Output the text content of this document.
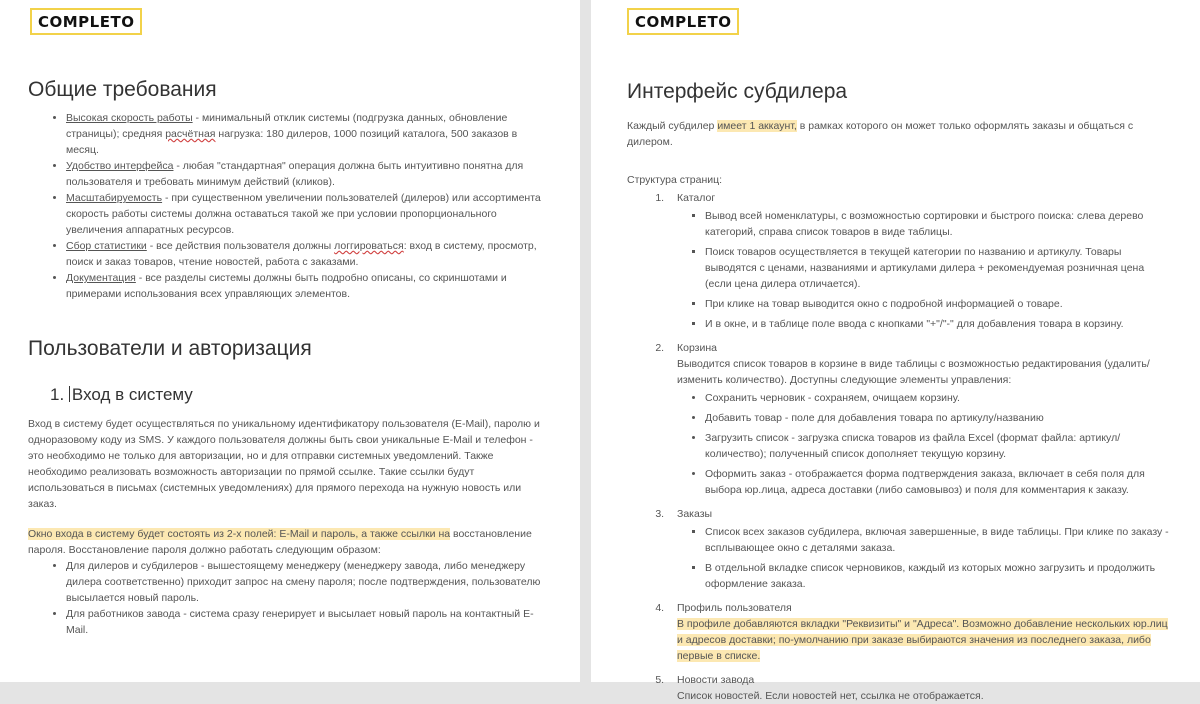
COMPLETO
Общие требования
• Высокая скорость работы - минимальный отклик системы (подгрузка данных, обновление страницы); средняя расчётная нагрузка: 180 дилеров, 1000 позиций каталога, 500 заказов в месяц.
• Удобство интерфейса - любая "стандартная" операция должна быть интуитивно понятна для пользователя и требовать минимум действий (кликов).
• Масштабируемость - при существенном увеличении пользователей (дилеров) или ассортимента скорость работы системы должна оставаться такой же при условии пропорционального увеличения аппаратных ресурсов.
• Сбор статистики - все действия пользователя должны логгироваться: вход в систему, просмотр, поиск и заказ товаров, чтение новостей, работа с заказами.
• Документация - все разделы системы должны быть подробно описаны, со скриншотами и примерами использования всех управляющих элементов.
Пользователи и авторизация
1. Вход в систему

Вход в систему будет осуществляться по уникальному идентификатору пользователя (E-Mail), паролю и одноразовому коду из SMS. У каждого пользователя должны быть свои уникальные E-Mail и телефон - это необходимо не только для авторизации, но и для отправки системных уведомлений. Также необходимо реализовать возможность авторизации по прямой ссылке. Такие ссылки будут использоваться в письмах (системных уведомлениях) для прямого перехода на нужную новость или заказ.

Окно входа в систему будет состоять из 2-х полей: E-Mail и пароль, а также ссылки на восстановление пароля. Восстановление пароля должно работать следующим образом:

• Для дилеров и субдилеров - вышестоящему менеджеру (менеджеру завода, либо менеджеру дилера соответственно) приходит запрос на смену пароля; после подтверждения, пользователю высылается новый пароль.
• Для работников завода - система сразу генерирует и высылает новый пароль на контактный E-Mail.
COMPLETO
Интерфейс субдилера

Каждый субдилер имеет 1 аккаунт, в рамках которого он может только оформлять заказы и общаться с дилером.

Структура страниц:

1. Каталог
▪ Вывод всей номенклатуры, с возможностью сортировки и быстрого поиска: слева дерево категорий, справа список товаров в виде таблицы.
▪ Поиск товаров осуществляется в текущей категории по названию и артикулу. Товары выводятся с ценами, названиями и артикулами дилера + рекомендуемая розничная цена (если цена дилера отличается).
▪ При клике на товар выводится окно с подробной информацией о товаре.
▪ И в окне, и в таблице поле ввода с кнопками "+"/"-" для добавления товара в корзину.
2. Корзина
Выводится список товаров в корзине в виде таблицы с возможностью редактирования (удалить/изменить количество). Доступны следующие элементы управления:
• Сохранить черновик - сохраняем, очищаем корзину.
• Добавить товар - поле для добавления товара по артикулу/названию
• Загрузить список - загрузка списка товаров из файла Excel (формат файла: артикул/количество); полученный список дополняет текущую корзину.
• Оформить заказ - отображается форма подтверждения заказа, включает в себя поля для выбора юр.лица, адреса доставки (либо самовывоз) и поля для комментария к заказу.
3. Заказы
▪ Список всех заказов субдилера, включая завершенные, в виде таблицы. При клике по заказу - всплывающее окно с деталями заказа.
▪ В отдельной вкладке список черновиков, каждый из которых можно загрузить и продолжить оформление заказа.
4. Профиль пользователя
В профиле добавляются вкладки "Реквизиты" и "Адреса". Возможно добавление нескольких юр.лиц и адресов доставки; по-умолчанию при заказе выбираются значения из последнего заказа, либо первые в списке.
5. Новости завода
Список новостей. Если новостей нет, ссылка не отображается.
